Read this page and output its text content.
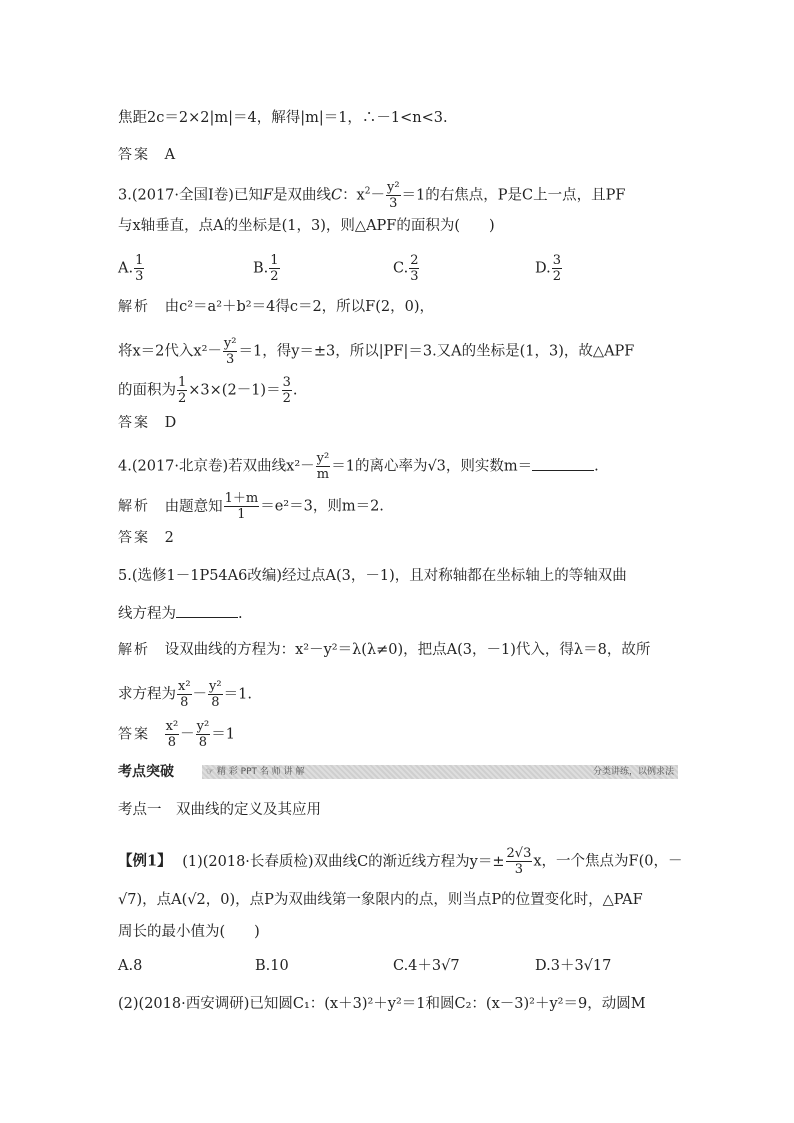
焦距2c＝2×2|m|＝4，解得|m|＝1，∴－1<n<3.
答案 A
3.(2017·全国Ⅰ卷)已知F是双曲线C：$x^2- \frac{\text{y²}}{3} =1$的右焦点，P是C上一点，且PF
与x轴垂直，点A的坐标是(1，3)，则△APF的面积为(　　)
A. $\frac{1}{3}$	B. $\frac{1}{2}$	C. $\frac{2}{3}$	D. $\frac{3}{2}$
解析 由c²＝a²＋b²＝4得c＝2，所以F(2，0)，
将x＝2代入$x^2- \frac{\text{y²}}{3} =1$，得y＝±3，所以|PF|＝3.又A的坐标是(1，3)，故△APF
的面积为 $\frac{1}{2} \times 3\times(2-1)= \frac{3}{2}$ .
答案 D
4.(2017·北京卷)若双曲线$x^2- \frac{\text{y²}}{m} =1$的离心率为√3，则实数m＝	.
解析 由题意知 $\frac{1+m}{1} =e^2=3$，则m＝2.
答案 2
5.(选修1－1P54A6改编)经过点A(3，－1)，且对称轴都在坐标轴上的等轴双曲
线方程为	.
解析 设双曲线的方程为：x²－y²＝λ(λ≠0)，把点A(3，－1)代入，得λ＝8，故所
求方程为 $\frac{\text{x²}}{8} - \frac{\text{y²}}{8} =1$.
答案 $\frac{\text{x²}}{8} - \frac{\text{y²}}{8} =1$
考点突破	☞ 精 彩 PPT 名 师 讲 解	分类讲练，以例求法
考点一　双曲线的定义及其应用
【例1】 (1)(2018·长春质检)双曲线C的渐近线方程为$y=\pm \frac{2√3}{3}$ x，一个焦点为F(0，－
√7)，点A(√2，0)，点P为双曲线第一象限内的点，则当点P的位置变化时，△PAF
周长的最小值为(　　)
A.8	B.10	C.4＋3√7	D.3＋3√17
(2)(2018·西安调研)已知圆C₁：(x＋3)²＋y²＝1和圆C₂：(x－3)²＋y²＝9，动圆M
